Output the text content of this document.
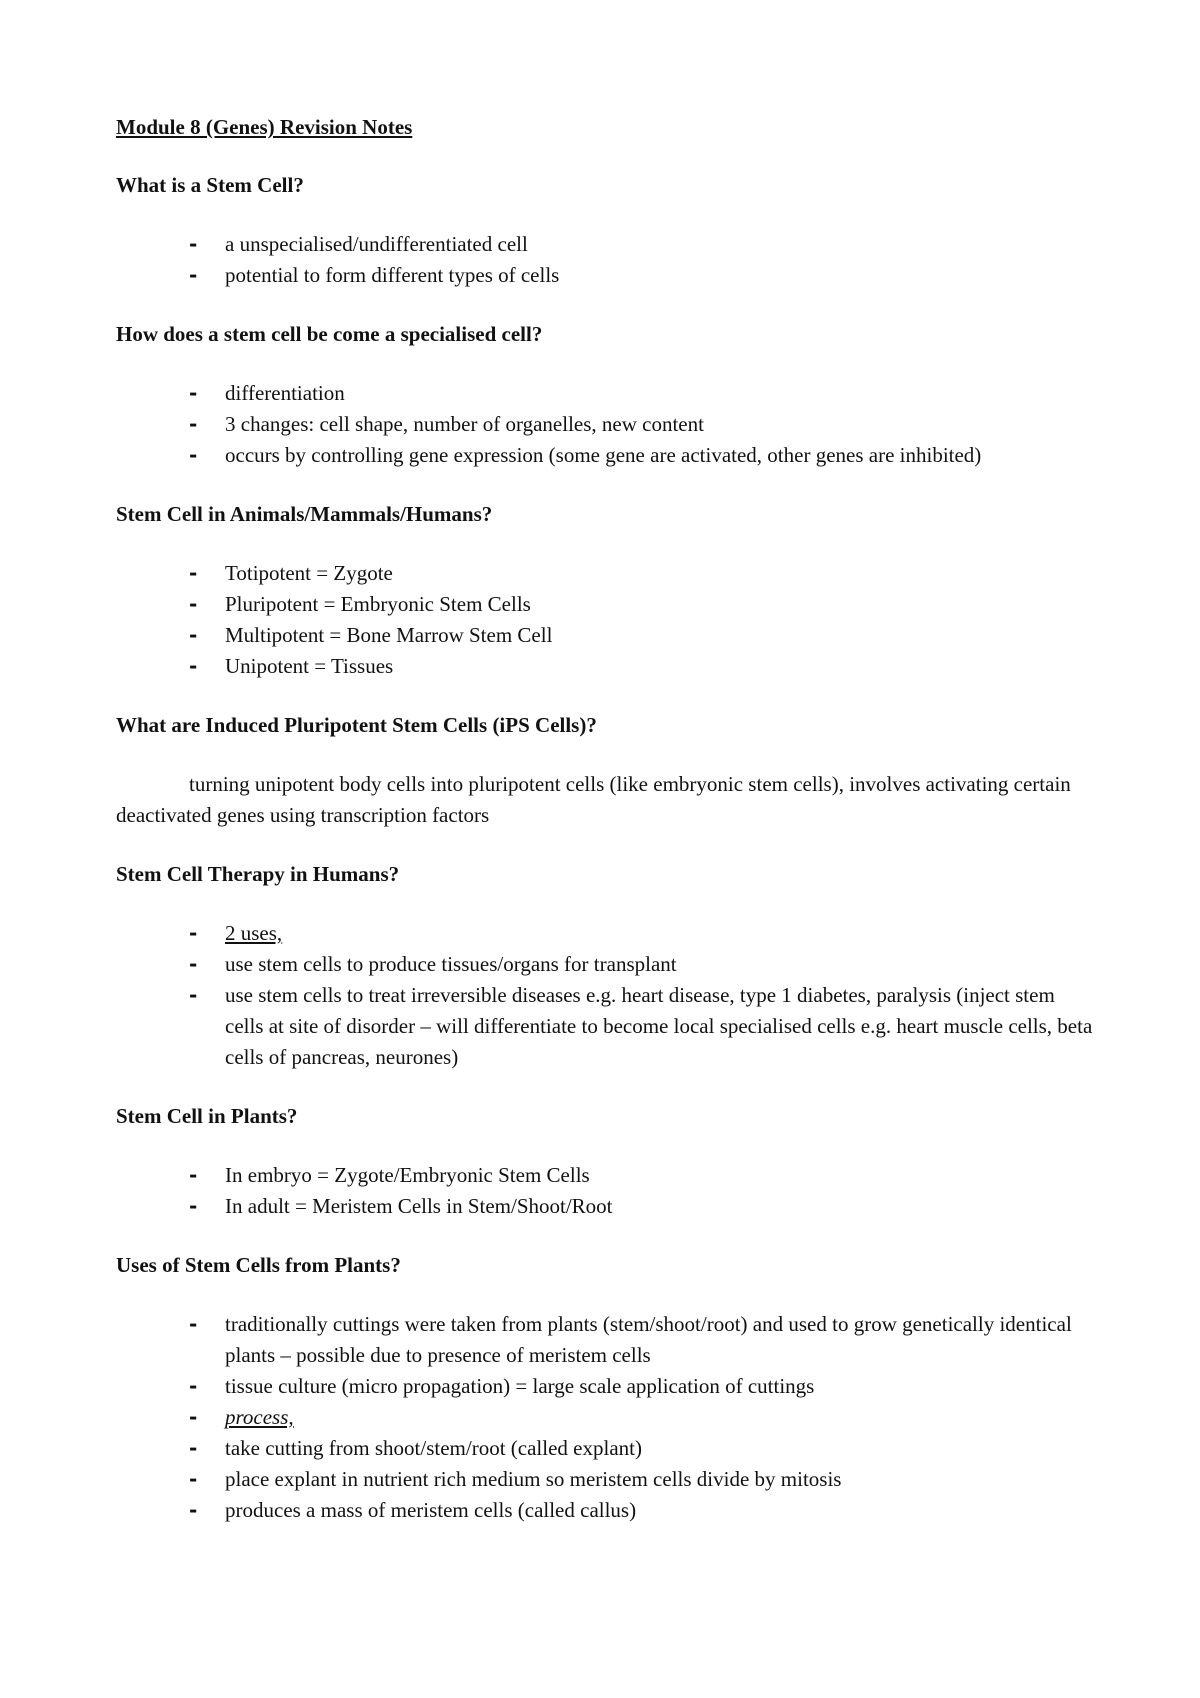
Module 8 (Genes) Revision Notes
What is a Stem Cell?
- a unspecialised/undifferentiated cell
- potential to form different types of cells
How does a stem cell be come a specialised cell?
- differentiation
- 3 changes: cell shape, number of organelles, new content
- occurs by controlling gene expression (some gene are activated, other genes are inhibited)
Stem Cell in Animals/Mammals/Humans?
- Totipotent = Zygote
- Pluripotent = Embryonic Stem Cells
- Multipotent = Bone Marrow Stem Cell
- Unipotent = Tissues
What are Induced Pluripotent Stem Cells (iPS Cells)?
turning unipotent body cells into pluripotent cells (like embryonic stem cells), involves activating certain deactivated genes using transcription factors
Stem Cell Therapy in Humans?
- 2 uses,
- use stem cells to produce tissues/organs for transplant
- use stem cells to treat irreversible diseases e.g. heart disease, type 1 diabetes, paralysis (inject stem cells at site of disorder – will differentiate to become local specialised cells e.g. heart muscle cells, beta cells of pancreas, neurones)
Stem Cell in Plants?
- In embryo = Zygote/Embryonic Stem Cells
- In adult = Meristem Cells in Stem/Shoot/Root
Uses of Stem Cells from Plants?
- traditionally cuttings were taken from plants (stem/shoot/root) and used to grow genetically identical plants – possible due to presence of meristem cells
- tissue culture (micro propagation) = large scale application of cuttings
- process,
- take cutting from shoot/stem/root (called explant)
- place explant in nutrient rich medium so meristem cells divide by mitosis
- produces a mass of meristem cells (called callus)
